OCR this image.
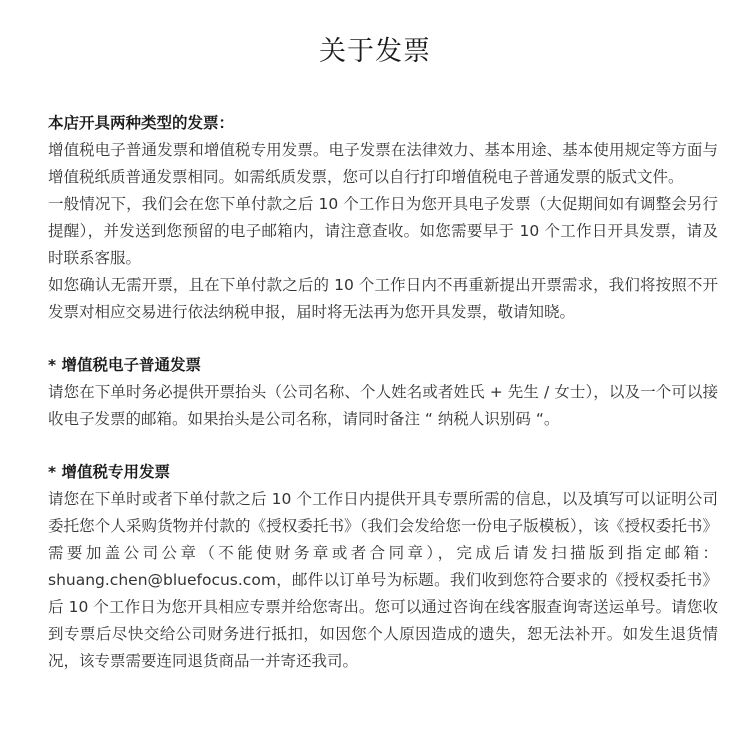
关于发票

本店开具两种类型的发票：

增值税电子普通发票和增值税专用发票。电子发票在法律效力、基本用途、基本使用规定等方面与增值税纸质普通发票相同。如需纸质发票，您可以自行打印增值税电子普通发票的版式文件。

一般情况下，我们会在您下单付款之后 10 个工作日为您开具电子发票（大促期间如有调整会另行提醒），并发送到您预留的电子邮箱内，请注意查收。如您需要早于 10 个工作日开具发票，请及时联系客服。

如您确认无需开票，且在下单付款之后的 10 个工作日内不再重新提出开票需求，我们将按照不开发票对相应交易进行依法纳税申报，届时将无法再为您开具发票，敬请知晓。

* 增值税电子普通发票

请您在下单时务必提供开票抬头（公司名称、个人姓名或者姓氏 + 先生 / 女士），以及一个可以接收电子发票的邮箱。如果抬头是公司名称，请同时备注 “ 纳税人识别码 “。

* 增值税专用发票

请您在下单时或者下单付款之后 10 个工作日内提供开具专票所需的信息，以及填写可以证明公司委托您个人采购货物并付款的《授权委托书》（我们会发给您一份电子版模板），该《授权委托书》需要加盖公司公章（不能使财务章或者合同章），完成后请发扫描版到指定邮箱：shuang.chen@bluefocus.com，邮件以订单号为标题。我们收到您符合要求的《授权委托书》后 10 个工作日为您开具相应专票并给您寄出。您可以通过咨询在线客服查询寄送运单号。请您收到专票后尽快交给公司财务进行抵扣，如因您个人原因造成的遗失，恕无法补开。如发生退货情况，该专票需要连同退货商品一并寄还我司。
